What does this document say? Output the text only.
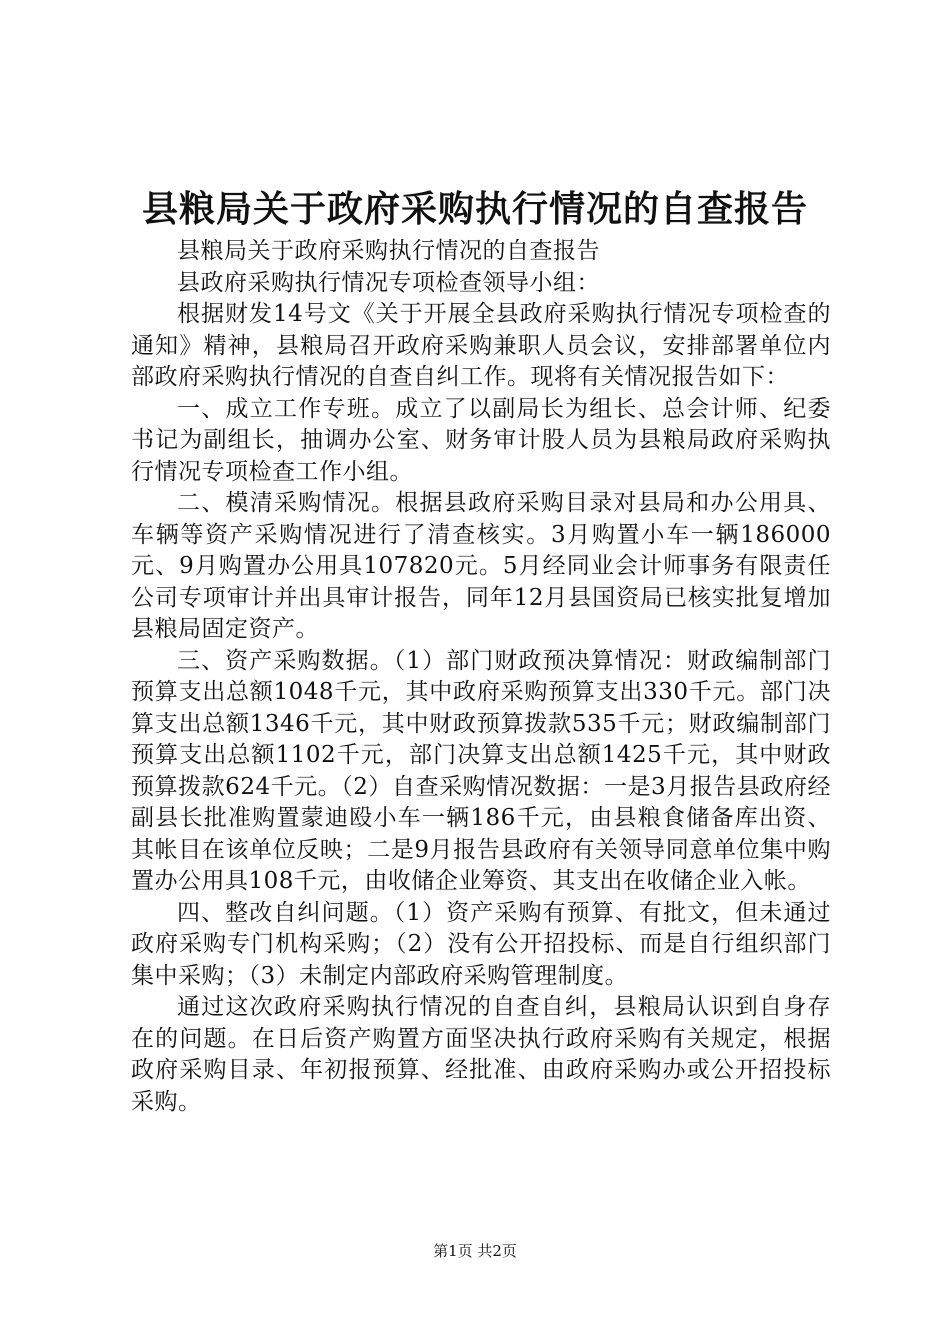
县粮局关于政府采购执行情况的自查报告

县粮局关于政府采购执行情况的自查报告

县政府采购执行情况专项检查领导小组：

根据财发14号文《关于开展全县政府采购执行情况专项检查的通知》精神，县粮局召开政府采购兼职人员会议，安排部署单位内部政府采购执行情况的自查自纠工作。现将有关情况报告如下：

一、成立工作专班。成立了以副局长为组长、总会计师、纪委书记为副组长，抽调办公室、财务审计股人员为县粮局政府采购执行情况专项检查工作小组。

二、模清采购情况。根据县政府采购目录对县局和办公用具、车辆等资产采购情况进行了清查核实。3月购置小车一辆186000元、9月购置办公用具107820元。5月经同业会计师事务有限责任公司专项审计并出具审计报告，同年12月县国资局已核实批复增加县粮局固定资产。

三、资产采购数据。（1）部门财政预决算情况：财政编制部门预算支出总额1048千元，其中政府采购预算支出330千元。部门决算支出总额1346千元，其中财政预算拨款535千元；财政编制部门预算支出总额1102千元，部门决算支出总额1425千元，其中财政预算拨款624千元。（2）自查采购情况数据：一是3月报告县政府经副县长批准购置蒙迪殴小车一辆186千元，由县粮食储备库出资、其帐目在该单位反映；二是9月报告县政府有关领导同意单位集中购置办公用具108千元，由收储企业筹资、其支出在收储企业入帐。

四、整改自纠问题。（1）资产采购有预算、有批文，但未通过政府采购专门机构采购；（2）没有公开招投标、而是自行组织部门集中采购；（3）未制定内部政府采购管理制度。

通过这次政府采购执行情况的自查自纠，县粮局认识到自身存在的问题。在日后资产购置方面坚决执行政府采购有关规定，根据政府采购目录、年初报预算、经批准、由政府采购办或公开招投标采购。

第1页 共2页
